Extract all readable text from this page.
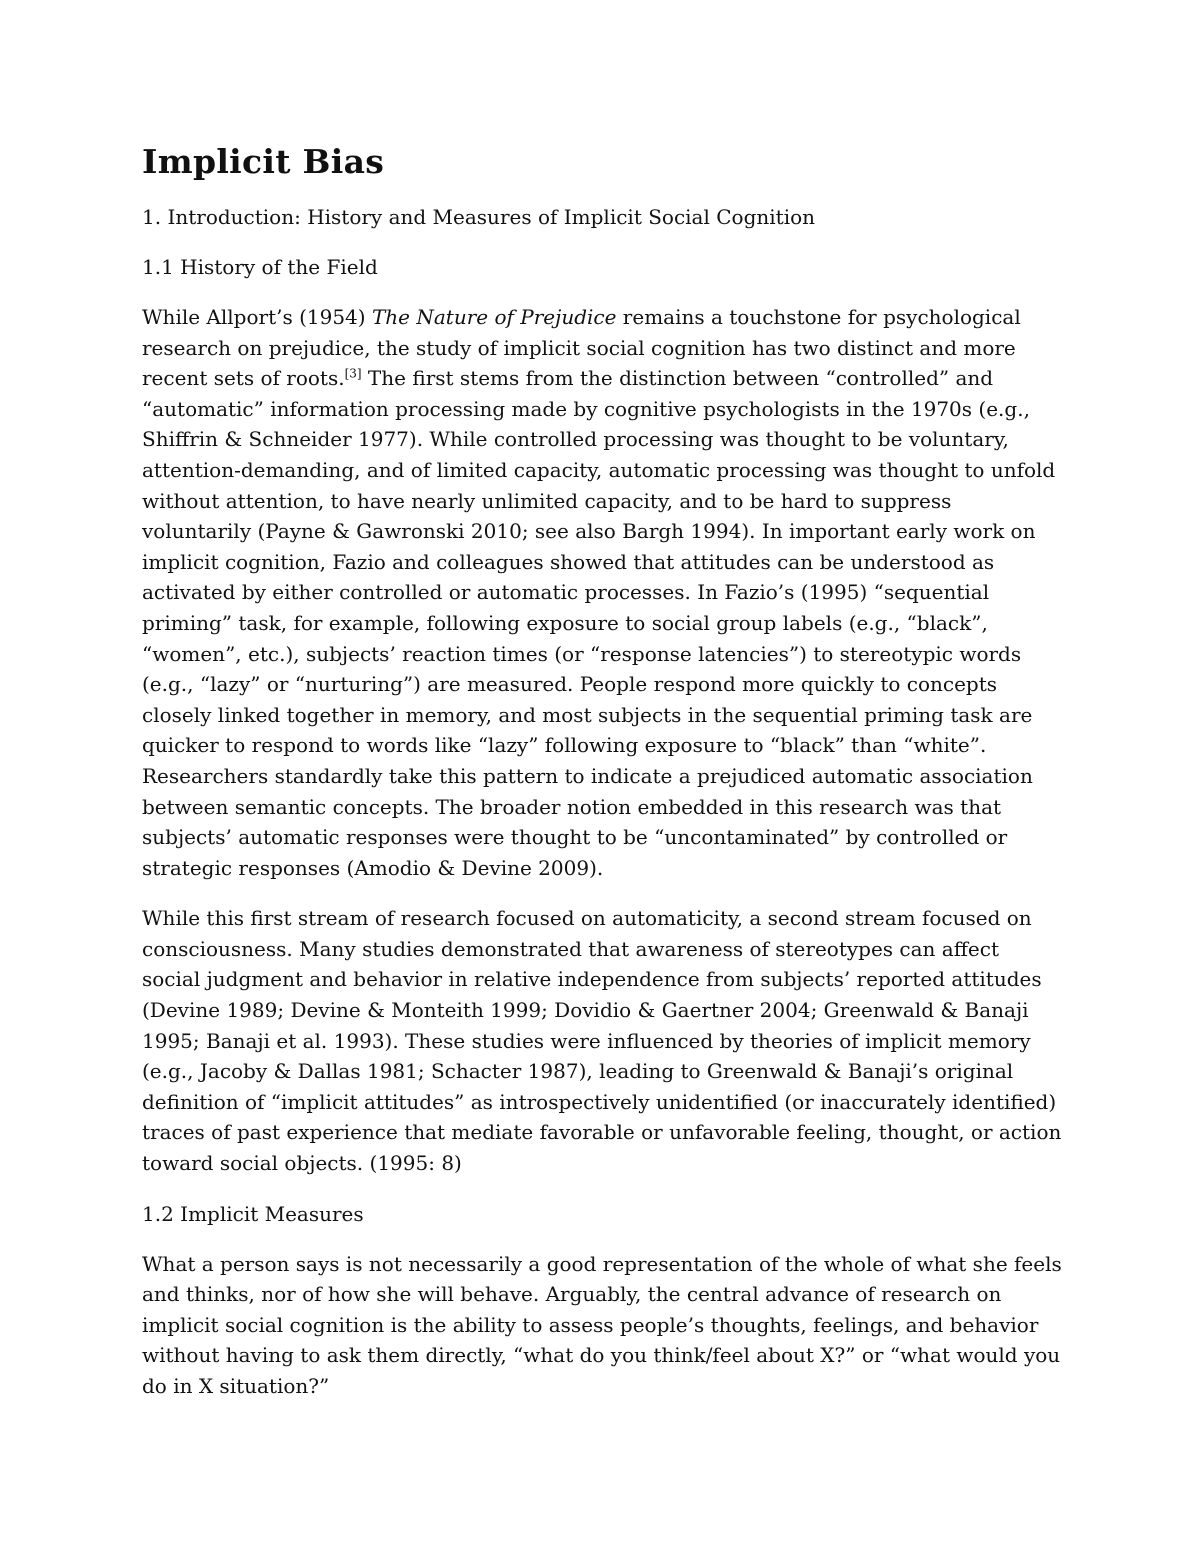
Implicit Bias

1. Introduction: History and Measures of Implicit Social Cognition

1.1 History of the Field

While Allport’s (1954) The Nature of Prejudice remains a touchstone for psychological research on prejudice, the study of implicit social cognition has two distinct and more recent sets of roots.[3] The first stems from the distinction between “controlled” and “automatic” information processing made by cognitive psychologists in the 1970s (e.g., Shiffrin & Schneider 1977). While controlled processing was thought to be voluntary, attention-demanding, and of limited capacity, automatic processing was thought to unfold without attention, to have nearly unlimited capacity, and to be hard to suppress voluntarily (Payne & Gawronski 2010; see also Bargh 1994). In important early work on implicit cognition, Fazio and colleagues showed that attitudes can be understood as activated by either controlled or automatic processes. In Fazio’s (1995) “sequential priming” task, for example, following exposure to social group labels (e.g., “black”, “women”, etc.), subjects’ reaction times (or “response latencies”) to stereotypic words (e.g., “lazy” or “nurturing”) are measured. People respond more quickly to concepts closely linked together in memory, and most subjects in the sequential priming task are quicker to respond to words like “lazy” following exposure to “black” than “white”. Researchers standardly take this pattern to indicate a prejudiced automatic association between semantic concepts. The broader notion embedded in this research was that subjects’ automatic responses were thought to be “uncontaminated” by controlled or strategic responses (Amodio & Devine 2009).

While this first stream of research focused on automaticity, a second stream focused on consciousness. Many studies demonstrated that awareness of stereotypes can affect social judgment and behavior in relative independence from subjects’ reported attitudes (Devine 1989; Devine & Monteith 1999; Dovidio & Gaertner 2004; Greenwald & Banaji 1995; Banaji et al. 1993). These studies were influenced by theories of implicit memory (e.g., Jacoby & Dallas 1981; Schacter 1987), leading to Greenwald & Banaji’s original definition of “implicit attitudes” as introspectively unidentified (or inaccurately identified) traces of past experience that mediate favorable or unfavorable feeling, thought, or action toward social objects. (1995: 8)

1.2 Implicit Measures

What a person says is not necessarily a good representation of the whole of what she feels and thinks, nor of how she will behave. Arguably, the central advance of research on implicit social cognition is the ability to assess people’s thoughts, feelings, and behavior without having to ask them directly, “what do you think/feel about X?” or “what would you do in X situation?”
